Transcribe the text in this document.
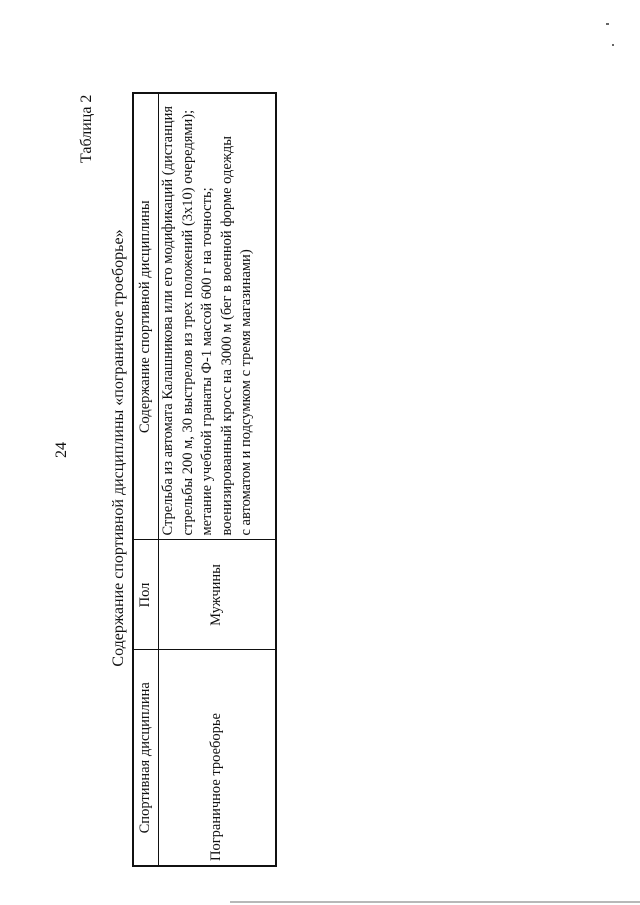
24
Таблица 2
Содержание спортивной дисциплины «пограничное троеборье»
Спортивная дисциплина	Пол	Содержание спортивной дисциплины
Пограничное троеборье	Мужчины	Стрельба из автомата Калашникова или его модификаций (дистанция стрельбы 200 м, 30 выстрелов из трех положений (3х10) очередями); метание учебной гранаты Ф-1 массой 600 г на точность; военизированный кросс на 3000 м (бег в военной форме одежды с автоматом и подсумком с тремя магазинами)
